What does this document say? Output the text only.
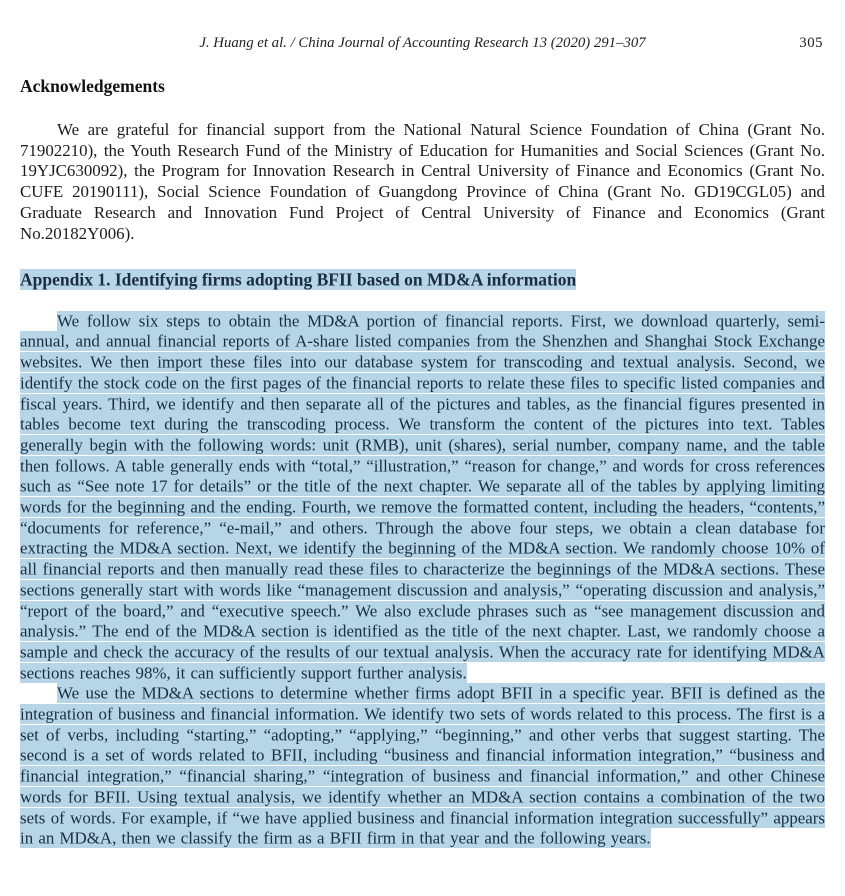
J. Huang et al. / China Journal of Accounting Research 13 (2020) 291–307	305
Acknowledgements

We are grateful for financial support from the National Natural Science Foundation of China (Grant No. 71902210), the Youth Research Fund of the Ministry of Education for Humanities and Social Sciences (Grant No. 19YJC630092), the Program for Innovation Research in Central University of Finance and Economics (Grant No. CUFE 20190111), Social Science Foundation of Guangdong Province of China (Grant No. GD19CGL05) and Graduate Research and Innovation Fund Project of Central University of Finance and Economics (Grant No.20182Y006).

Appendix 1. Identifying firms adopting BFII based on MD&A information

We follow six steps to obtain the MD&A portion of financial reports. First, we download quarterly, semi-annual, and annual financial reports of A-share listed companies from the Shenzhen and Shanghai Stock Exchange websites. We then import these files into our database system for transcoding and textual analysis. Second, we identify the stock code on the first pages of the financial reports to relate these files to specific listed companies and fiscal years. Third, we identify and then separate all of the pictures and tables, as the financial figures presented in tables become text during the transcoding process. We transform the content of the pictures into text. Tables generally begin with the following words: unit (RMB), unit (shares), serial number, company name, and the table then follows. A table generally ends with “total,” “illustration,” “reason for change,” and words for cross references such as “See note 17 for details” or the title of the next chapter. We separate all of the tables by applying limiting words for the beginning and the ending. Fourth, we remove the formatted content, including the headers, “contents,” “documents for reference,” “e-mail,” and others. Through the above four steps, we obtain a clean database for extracting the MD&A section. Next, we identify the beginning of the MD&A section. We randomly choose 10% of all financial reports and then manually read these files to characterize the beginnings of the MD&A sections. These sections generally start with words like “management discussion and analysis,” “operating discussion and analysis,” “report of the board,” and “executive speech.” We also exclude phrases such as “see management discussion and analysis.” The end of the MD&A section is identified as the title of the next chapter. Last, we randomly choose a sample and check the accuracy of the results of our textual analysis. When the accuracy rate for identifying MD&A sections reaches 98%, it can sufficiently support further analysis.

We use the MD&A sections to determine whether firms adopt BFII in a specific year. BFII is defined as the integration of business and financial information. We identify two sets of words related to this process. The first is a set of verbs, including “starting,” “adopting,” “applying,” “beginning,” and other verbs that suggest starting. The second is a set of words related to BFII, including “business and financial information integration,” “business and financial integration,” “financial sharing,” “integration of business and financial information,” and other Chinese words for BFII. Using textual analysis, we identify whether an MD&A section contains a combination of the two sets of words. For example, if “we have applied business and financial information integration successfully” appears in an MD&A, then we classify the firm as a BFII firm in that year and the following years.
